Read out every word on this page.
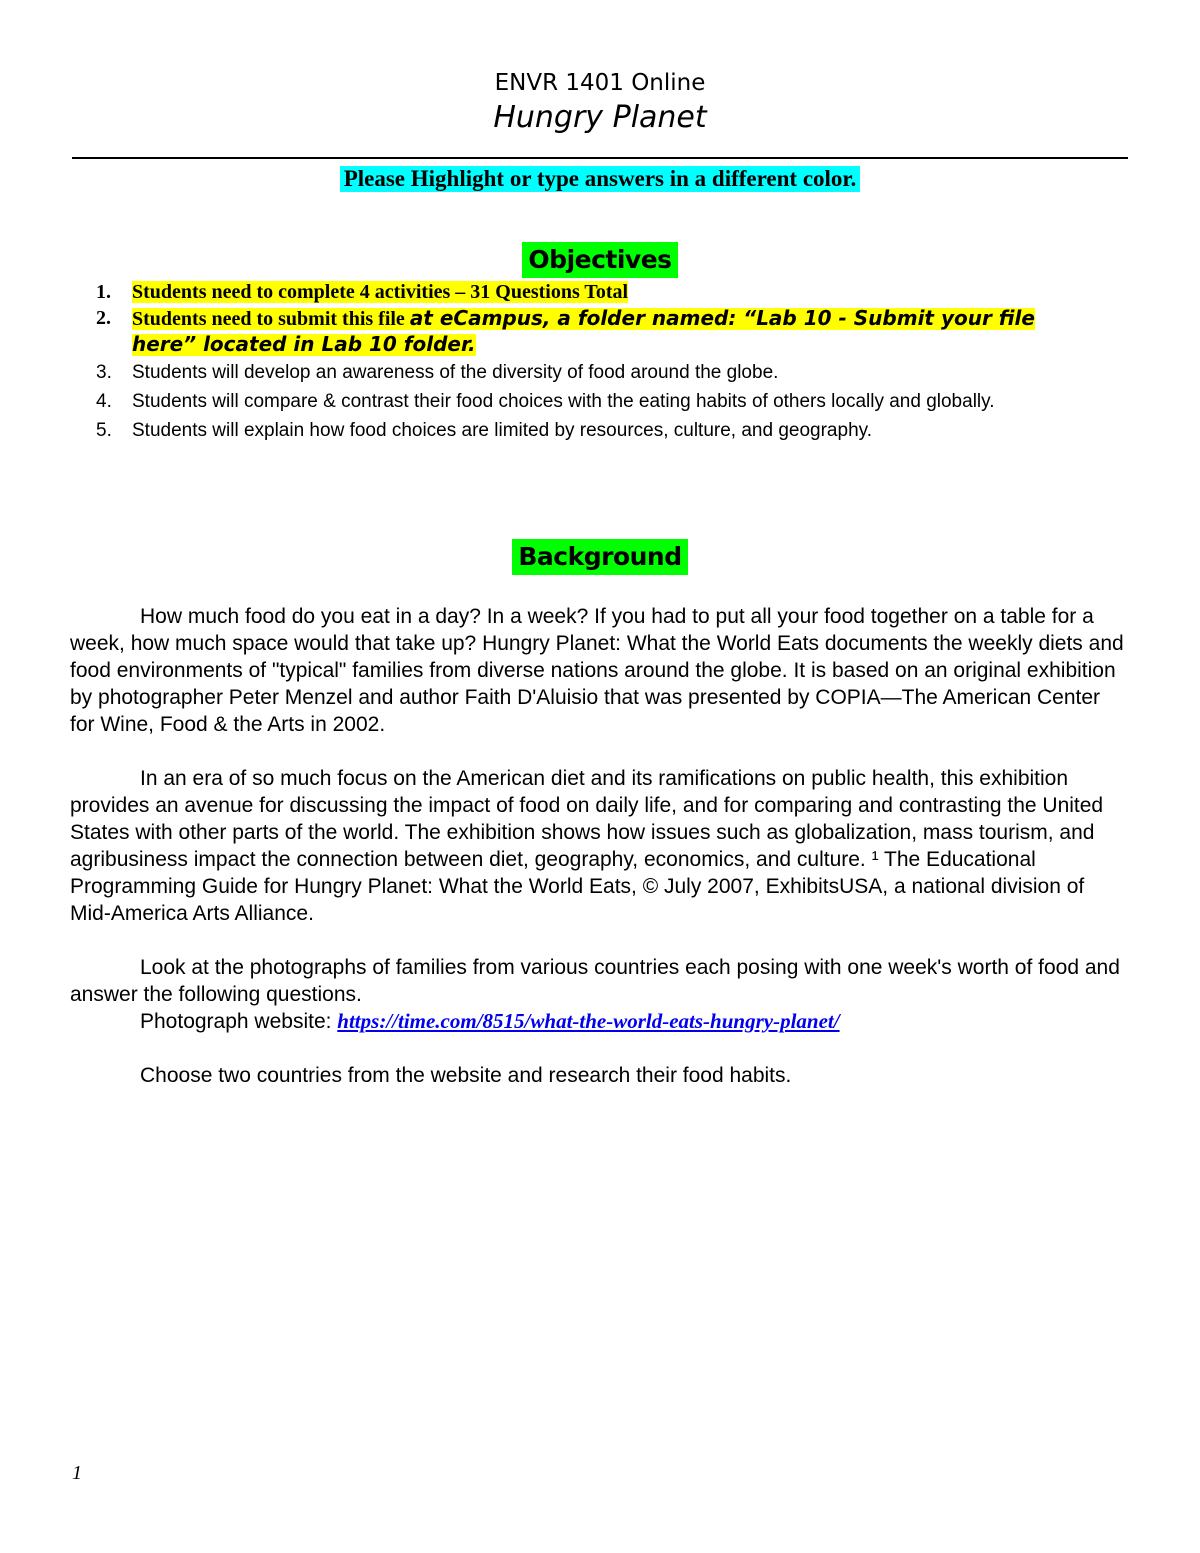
ENVR 1401 Online
Hungry Planet
Please Highlight or type answers in a different color.
Objectives
1.	Students need to complete 4 activities – 31 Questions Total
2.	Students need to submit this file at eCampus, a folder named: “Lab 10 - Submit your file here” located in Lab 10 folder.
3.	Students will develop an awareness of the diversity of food around the globe.
4.	Students will compare & contrast their food choices with the eating habits of others locally and globally.
5.	Students will explain how food choices are limited by resources, culture, and geography.
Background

How much food do you eat in a day? In a week? If you had to put all your food together on a table for a week, how much space would that take up? Hungry Planet: What the World Eats documents the weekly diets and food environments of "typical" families from diverse nations around the globe. It is based on an original exhibition by photographer Peter Menzel and author Faith D'Aluisio that was presented by COPIA—The American Center for Wine, Food & the Arts in 2002.

In an era of so much focus on the American diet and its ramifications on public health, this exhibition provides an avenue for discussing the impact of food on daily life, and for comparing and contrasting the United States with other parts of the world. The exhibition shows how issues such as globalization, mass tourism, and agribusiness impact the connection between diet, geography, economics, and culture. ¹ The Educational Programming Guide for Hungry Planet: What the World Eats, © July 2007, ExhibitsUSA, a national division of Mid-America Arts Alliance.

Look at the photographs of families from various countries each posing with one week's worth of food and answer the following questions.

Photograph website: https://time.com/8515/what-the-world-eats-hungry-planet/

Choose two countries from the website and research their food habits.

1
